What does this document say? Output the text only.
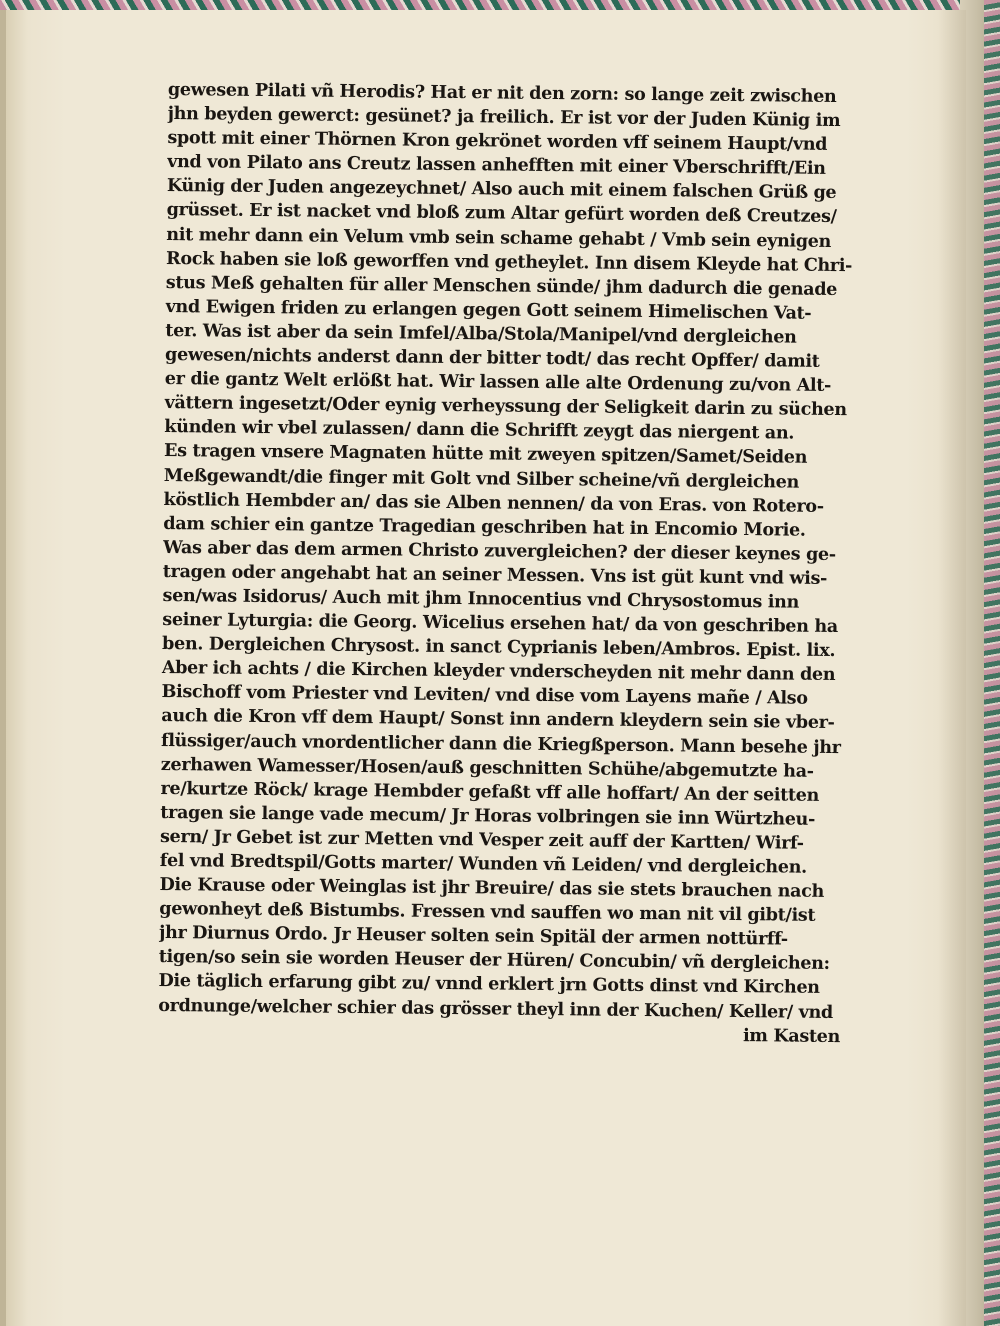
gewesen Pilati vñ Herodis? Hat er nit den zorn: so lange zeit zwischen
jhn beyden gewerct: gesünet? ja freilich. Er ist vor der Juden Künig im
spott mit einer Thörnen Kron gekrönet worden vff seinem Haupt/vnd
vnd von Pilato ans Creutz lassen anhefften mit einer Vberschrifft/Ein
Künig der Juden angezeychnet/ Also auch mit einem falschen Grüß ge
grüsset. Er ist nacket vnd bloß zum Altar gefürt worden deß Creutzes/
nit mehr dann ein Velum vmb sein schame gehabt / Vmb sein eynigen
Rock haben sie loß geworffen vnd getheylet. Inn disem Kleyde hat Chri-
stus Meß gehalten für aller Menschen sünde/ jhm dadurch die genade
vnd Ewigen friden zu erlangen gegen Gott seinem Himelischen Vat-
ter. Was ist aber da sein Imfel/Alba/Stola/Manipel/vnd dergleichen
gewesen/nichts anderst dann der bitter todt/ das recht Opffer/ damit
er die gantz Welt erlößt hat. Wir lassen alle alte Ordenung zu/von Alt-
vättern ingesetzt/Oder eynig verheyssung der Seligkeit darin zu süchen
künden wir vbel zulassen/ dann die Schrifft zeygt das niergent an.
Es tragen vnsere Magnaten hütte mit zweyen spitzen/Samet/Seiden
Meßgewandt/die finger mit Golt vnd Silber scheine/vñ dergleichen
köstlich Hembder an/ das sie Alben nennen/ da von Eras. von Rotero-
dam schier ein gantze Tragedian geschriben hat in Encomio Morie.
Was aber das dem armen Christo zuvergleichen? der dieser keynes ge-
tragen oder angehabt hat an seiner Messen. Vns ist güt kunt vnd wis-
sen/was Isidorus/ Auch mit jhm Innocentius vnd Chrysostomus inn
seiner Lyturgia: die Georg. Wicelius ersehen hat/ da von geschriben ha
ben. Dergleichen Chrysost. in sanct Cyprianis leben/Ambros. Epist. lix.
Aber ich achts / die Kirchen kleyder vnderscheyden nit mehr dann den
Bischoff vom Priester vnd Leviten/ vnd dise vom Layens mañe / Also
auch die Kron vff dem Haupt/ Sonst inn andern kleydern sein sie vber-
flüssiger/auch vnordentlicher dann die Kriegßperson. Mann besehe jhr
zerhawen Wamesser/Hosen/auß geschnitten Schühe/abgemutzte ha-
re/kurtze Röck/ krage Hembder gefaßt vff alle hoffart/ An der seitten
tragen sie lange vade mecum/ Jr Horas volbringen sie inn Würtzheu-
sern/ Jr Gebet ist zur Metten vnd Vesper zeit auff der Kartten/ Wirf-
fel vnd Bredtspil/Gotts marter/ Wunden vñ Leiden/ vnd dergleichen.
Die Krause oder Weinglas ist jhr Breuire/ das sie stets brauchen nach
gewonheyt deß Bistumbs. Fressen vnd sauffen wo man nit vil gibt/ist
jhr Diurnus Ordo. Jr Heuser solten sein Spitäl der armen nottürff-
tigen/so sein sie worden Heuser der Hüren/ Concubin/ vñ dergleichen:
Die täglich erfarung gibt zu/ vnnd erklert jrn Gotts dinst vnd Kirchen
ordnunge/welcher schier das grösser theyl inn der Kuchen/ Keller/ vnd
im Kasten
